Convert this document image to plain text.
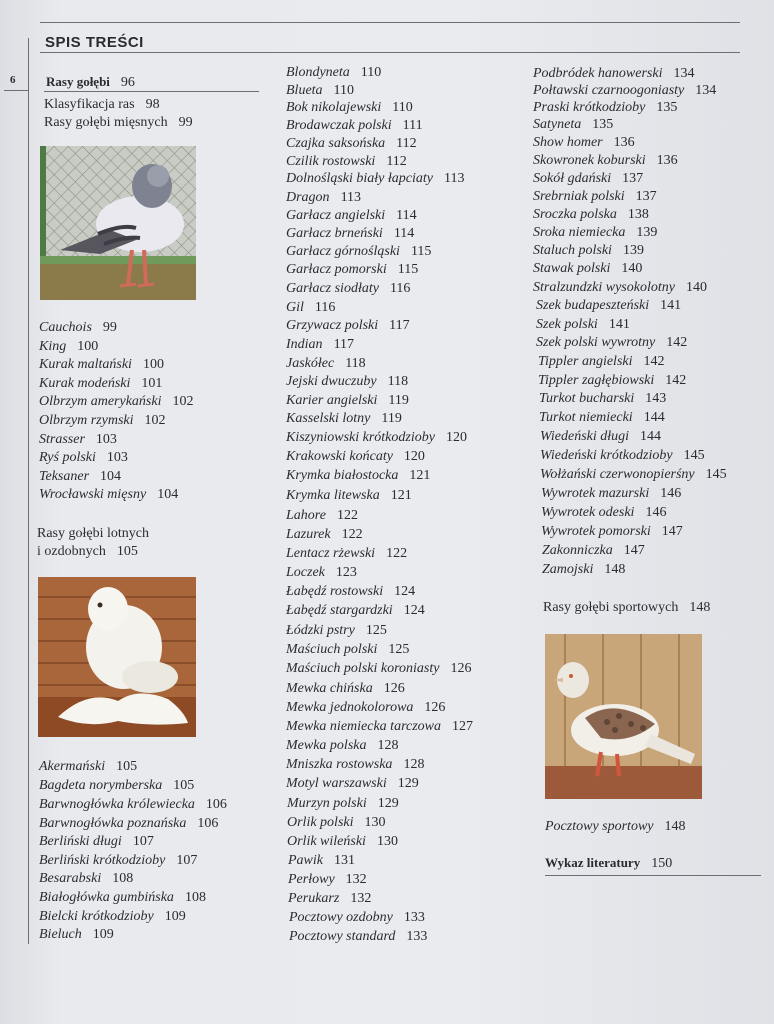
SPIS TREŚCI
6 Rasy gołębi 96
Klasyfikacja ras 98
Rasy gołębi mięsnych 99
Cauchois 99
King 100
Kurak maltański 100
Kurak modeński 101
Olbrzym amerykański 102
Olbrzym rzymski 102
Strasser 103
Ryś polski 103
Teksaner 104
Wrocławski mięsny 104
Rasy gołębi lotnych
i ozdobnych 105
Akermański 105
Bagdeta norymberska 105
Barwnogłówka królewiecka 106
Barwnogłówka poznańska 106
Berliński długi 107
Berliński krótkodzioby 107
Besarabski 108
Białogłówka gumbińska 108
Bielcki krótkodzioby 109
Bieluch 109
Blondyneta 110
Blueta 110
Bok nikolajewski 110
Brodawczak polski 111
Czajka saksońska 112
Czilik rostowski 112
Dolnośląski biały łapciaty 113
Dragon 113
Garłacz angielski 114
Garłacz brneński 114
Garłacz górnośląski 115
Garłacz pomorski 115
Garłacz siodłaty 116
Gil 116
Grzywacz polski 117
Indian 117
Jaskółec 118
Jejski dwuczuby 118
Karier angielski 119
Kasselski lotny 119
Kiszyniowski krótkodzioby 120
Krakowski końcaty 120
Krymka białostocka 121
Krymka litewska 121
Lahore 122
Lazurek 122
Lentacz rżewski 122
Loczek 123
Łabędź rostowski 124
Łabędź stargardzki 124
Łódzki pstry 125
Maściuch polski 125
Maściuch polski koroniasty 126
Mewka chińska 126
Mewka jednokolorowa 126
Mewka niemiecka tarczowa 127
Mewka polska 128
Mniszka rostowska 128
Motyl warszawski 129
Murzyn polski 129
Orlik polski 130
Orlik wileński 130
Pawik 131
Perłowy 132
Perukarz 132
Pocztowy ozdobny 133
Pocztowy standard 133
Podbródek hanowerski 134
Połtawski czarnoogoniasty 134
Praski krótkodzioby 135
Satyneta 135
Show homer 136
Skowronek koburski 136
Sokół gdański 137
Srebrniak polski 137
Sroczka polska 138
Sroka niemiecka 139
Staluch polski 139
Stawak polski 140
Stralzundzki wysokolotny 140
Szek budapeszteński 141
Szek polski 141
Szek polski wywrotny 142
Tippler angielski 142
Tippler zagłębiowski 142
Turkot bucharski 143
Turkot niemiecki 144
Wiedeński długi 144
Wiedeński krótkodzioby 145
Wołżański czerwonopierśny 145
Wywrotek mazurski 146
Wywrotek odeski 146
Wywrotek pomorski 147
Zakonniczka 147
Zamojski 148
Rasy gołębi sportowych 148
Pocztowy sportowy 148
Wykaz literatury 150
